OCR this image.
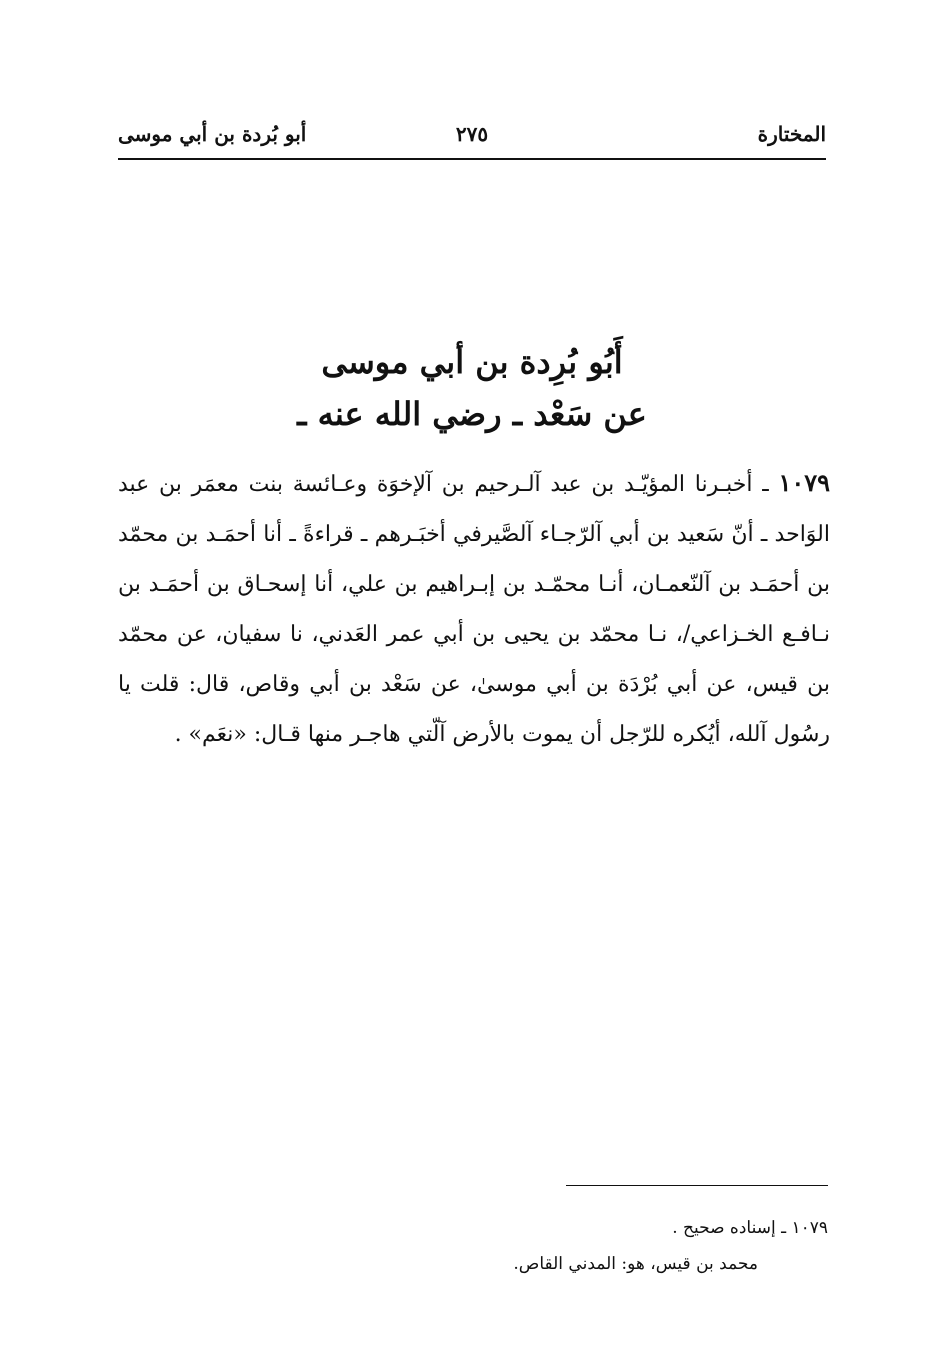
المختارة
٢٧٥
أبو بُردة بن أبي موسى
أَبُو بُرِدة بن أبي موسى
عن سَعْد ـ رضي الله عنه ـ
١٠٧٩ ـ أخبـرنا المؤيّـد بن عبد آلـرحيم بن آلإخوَة وعـائسة بنت معمَر بن عبد الوَاحد ـ أنّ سَعيد بن أبي آلرّجـاء آلصَّيرفي أخبَـرهم ـ قراءةً ـ أنا أحمَـد بن محمّد بن أحمَـد بن آلنّعمـان، أنـا محمّـد بن إبـراهيم بن علي، أنا إسحـاق بن أحمَـد بن نـافـع الخـزاعي/، نـا محمّد بن يحيى بن أبي عمر العَدني، نا سفيان، عن محمّد بن قيس، عن أبي بُرْدَة بن أبي موسىٰ، عن سَعْد بن أبي وقاص، قال: قلت يا رسُول آلله، أيُكره للرّجل أن يموت بالأرض آلّتي هاجـر منها قـال: «نعَم» .
١٠٧٩ ـ إسناده صحيح .
محمد بن قيس، هو: المدني القاص.
